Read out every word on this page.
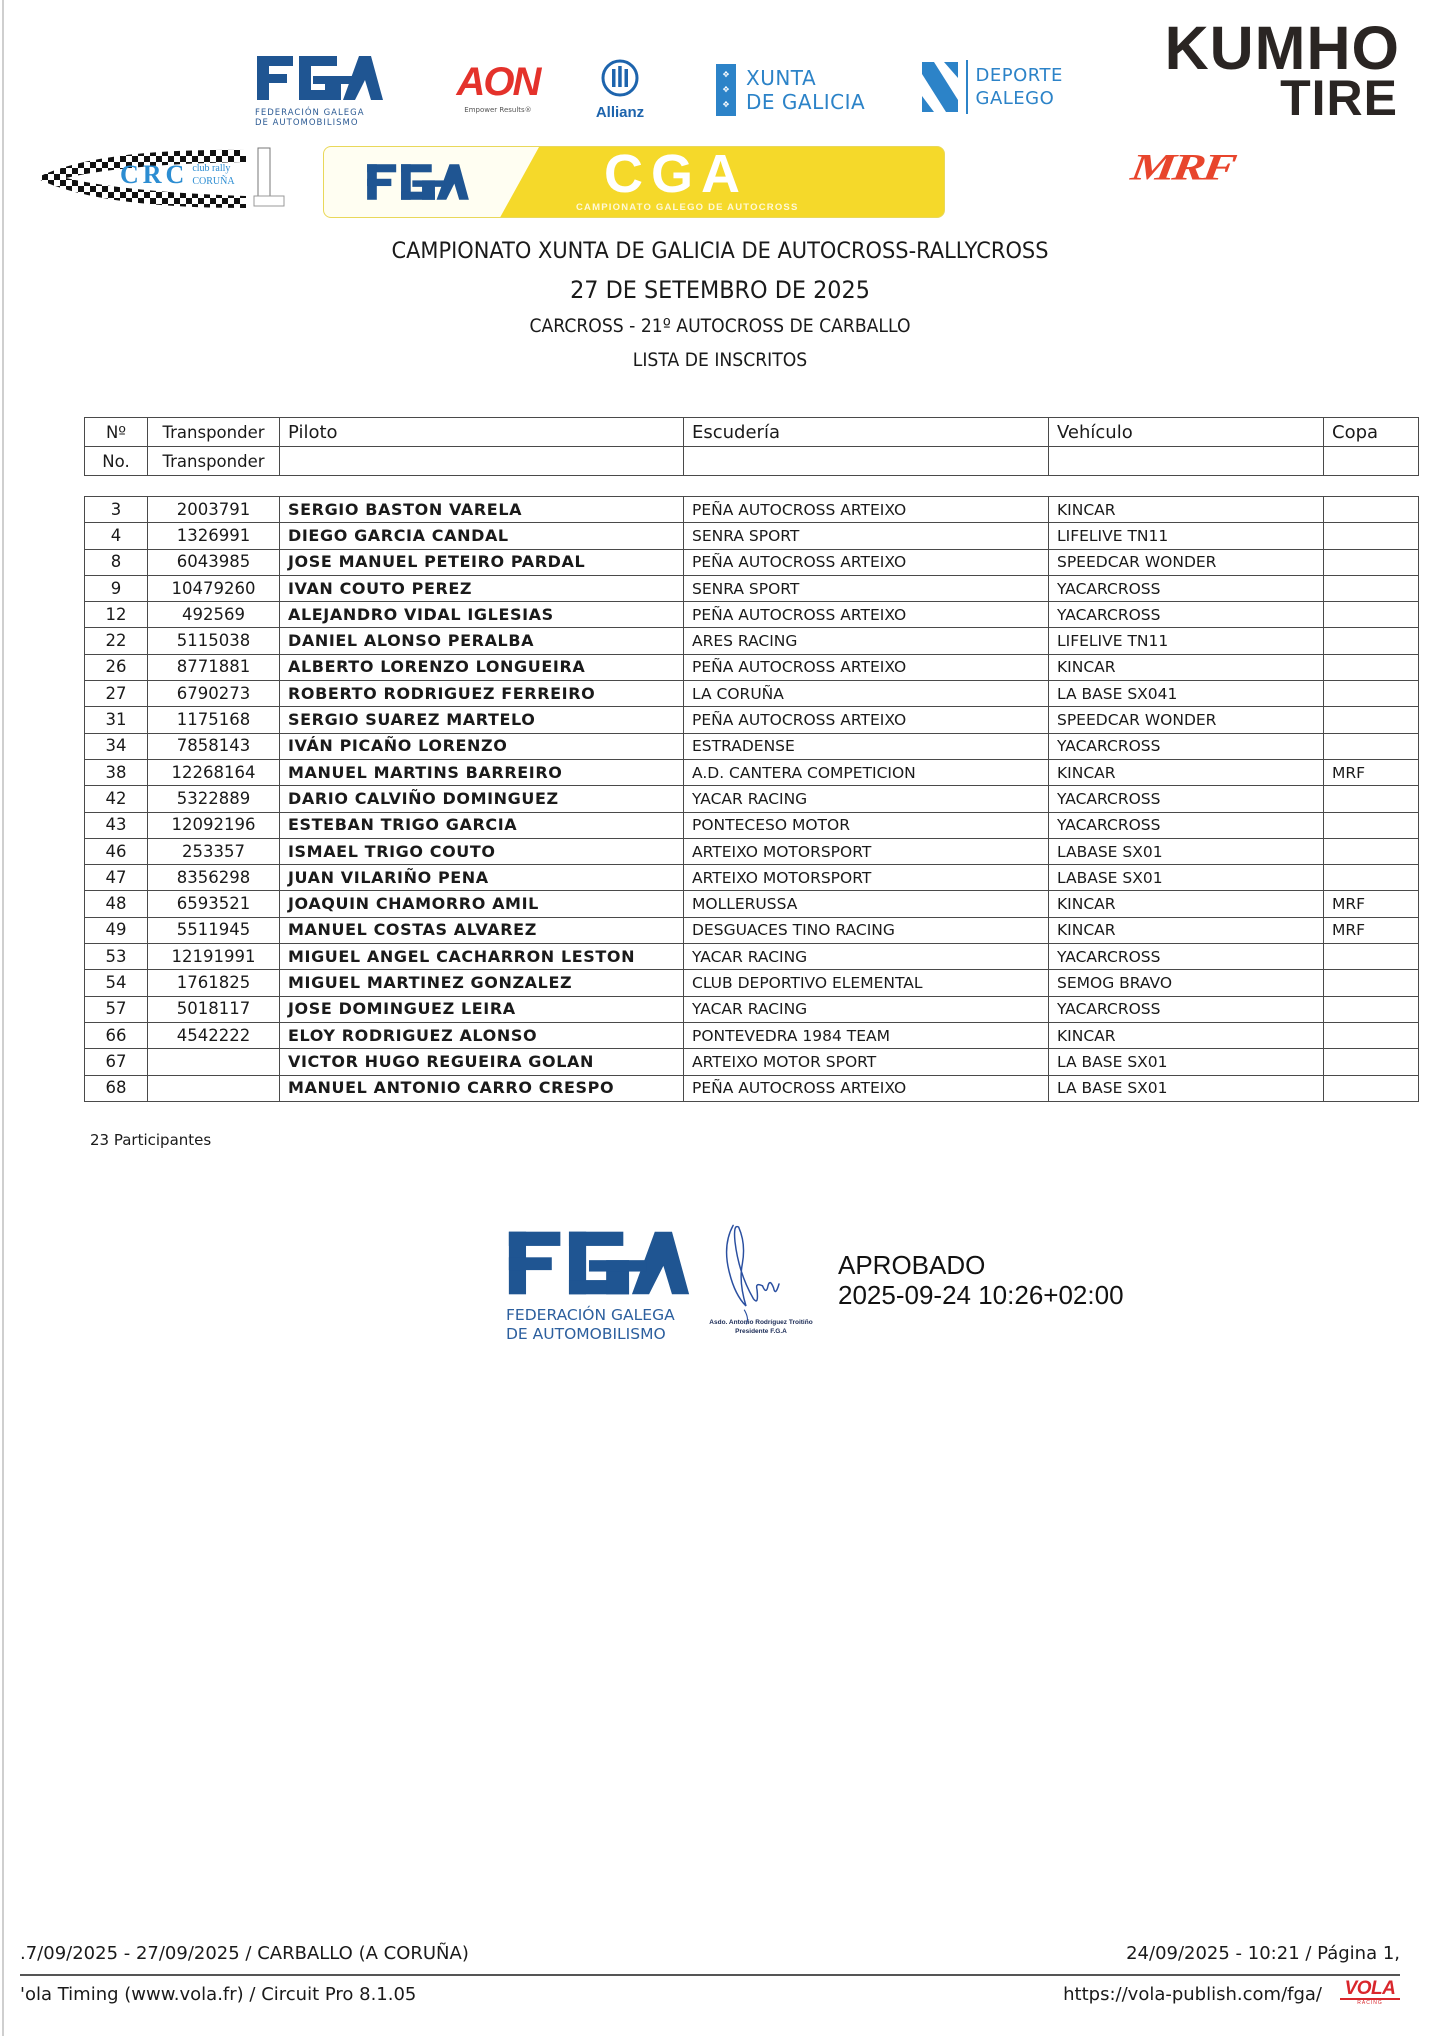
FEDERACIÓN GALEGA
DE AUTOMOBILISMO
AON
Empower Results®	Allianz
✥
✥
✥
XUNTA
DE GALICIA
DEPORTE
GALEGO
KUMHO
TIRE
CRC club rally
CORUÑA	CGA
CAMPIONATO GALEGO DE AUTOCROSS
MRF
CAMPIONATO XUNTA DE GALICIA DE AUTOCROSS-RALLYCROSS
27 DE SETEMBRO DE 2025
CARCROSS - 21º AUTOCROSS DE CARBALLO
LISTA DE INSCRITOS
Nº	Transponder	Piloto	Escudería	Vehículo	Copa
No.	Transponder				
3	2003791	SERGIO BASTON VARELA	PEÑA AUTOCROSS ARTEIXO	KINCAR	
4	1326991	DIEGO GARCIA CANDAL	SENRA SPORT	LIFELIVE TN11	
8	6043985	JOSE MANUEL PETEIRO PARDAL	PEÑA AUTOCROSS ARTEIXO	SPEEDCAR WONDER	
9	10479260	IVAN COUTO PEREZ	SENRA SPORT	YACARCROSS	
12	492569	ALEJANDRO VIDAL IGLESIAS	PEÑA AUTOCROSS ARTEIXO	YACARCROSS	
22	5115038	DANIEL ALONSO PERALBA	ARES RACING	LIFELIVE TN11	
26	8771881	ALBERTO LORENZO LONGUEIRA	PEÑA AUTOCROSS ARTEIXO	KINCAR	
27	6790273	ROBERTO RODRIGUEZ FERREIRO	LA CORUÑA	LA BASE SX041	
31	1175168	SERGIO SUAREZ MARTELO	PEÑA AUTOCROSS ARTEIXO	SPEEDCAR WONDER	
34	7858143	IVÁN PICAÑO LORENZO	ESTRADENSE	YACARCROSS	
38	12268164	MANUEL MARTINS BARREIRO	A.D. CANTERA COMPETICION	KINCAR	MRF
42	5322889	DARIO CALVIÑO DOMINGUEZ	YACAR RACING	YACARCROSS	
43	12092196	ESTEBAN TRIGO GARCIA	PONTECESO MOTOR	YACARCROSS	
46	253357	ISMAEL TRIGO COUTO	ARTEIXO MOTORSPORT	LABASE SX01	
47	8356298	JUAN VILARIÑO PENA	ARTEIXO MOTORSPORT	LABASE SX01	
48	6593521	JOAQUIN CHAMORRO AMIL	MOLLERUSSA	KINCAR	MRF
49	5511945	MANUEL COSTAS ALVAREZ	DESGUACES TINO RACING	KINCAR	MRF
53	12191991	MIGUEL ANGEL CACHARRON LESTON	YACAR RACING	YACARCROSS	
54	1761825	MIGUEL MARTINEZ GONZALEZ	CLUB DEPORTIVO ELEMENTAL	SEMOG BRAVO	
57	5018117	JOSE DOMINGUEZ LEIRA	YACAR RACING	YACARCROSS	
66	4542222	ELOY RODRIGUEZ ALONSO	PONTEVEDRA 1984 TEAM	KINCAR	
67		VICTOR HUGO REGUEIRA GOLAN	ARTEIXO MOTOR SPORT	LA BASE SX01	
68		MANUEL ANTONIO CARRO CRESPO	PEÑA AUTOCROSS ARTEIXO	LA BASE SX01	
23 Participantes
FEDERACIÓN GALEGA
DE AUTOMOBILISMO
Asdo. Antonio Rodríguez Troitiño
Presidente F.G.A
APROBADO
2025-09-24 10:26+02:00
.7/09/2025 - 27/09/2025 / CARBALLO (A CORUÑA)	24/09/2025 - 10:21 / Página 1,
'ola Timing (www.vola.fr) / Circuit Pro 8.1.05	https://vola-publish.com/fga/ VOLA
RACING
